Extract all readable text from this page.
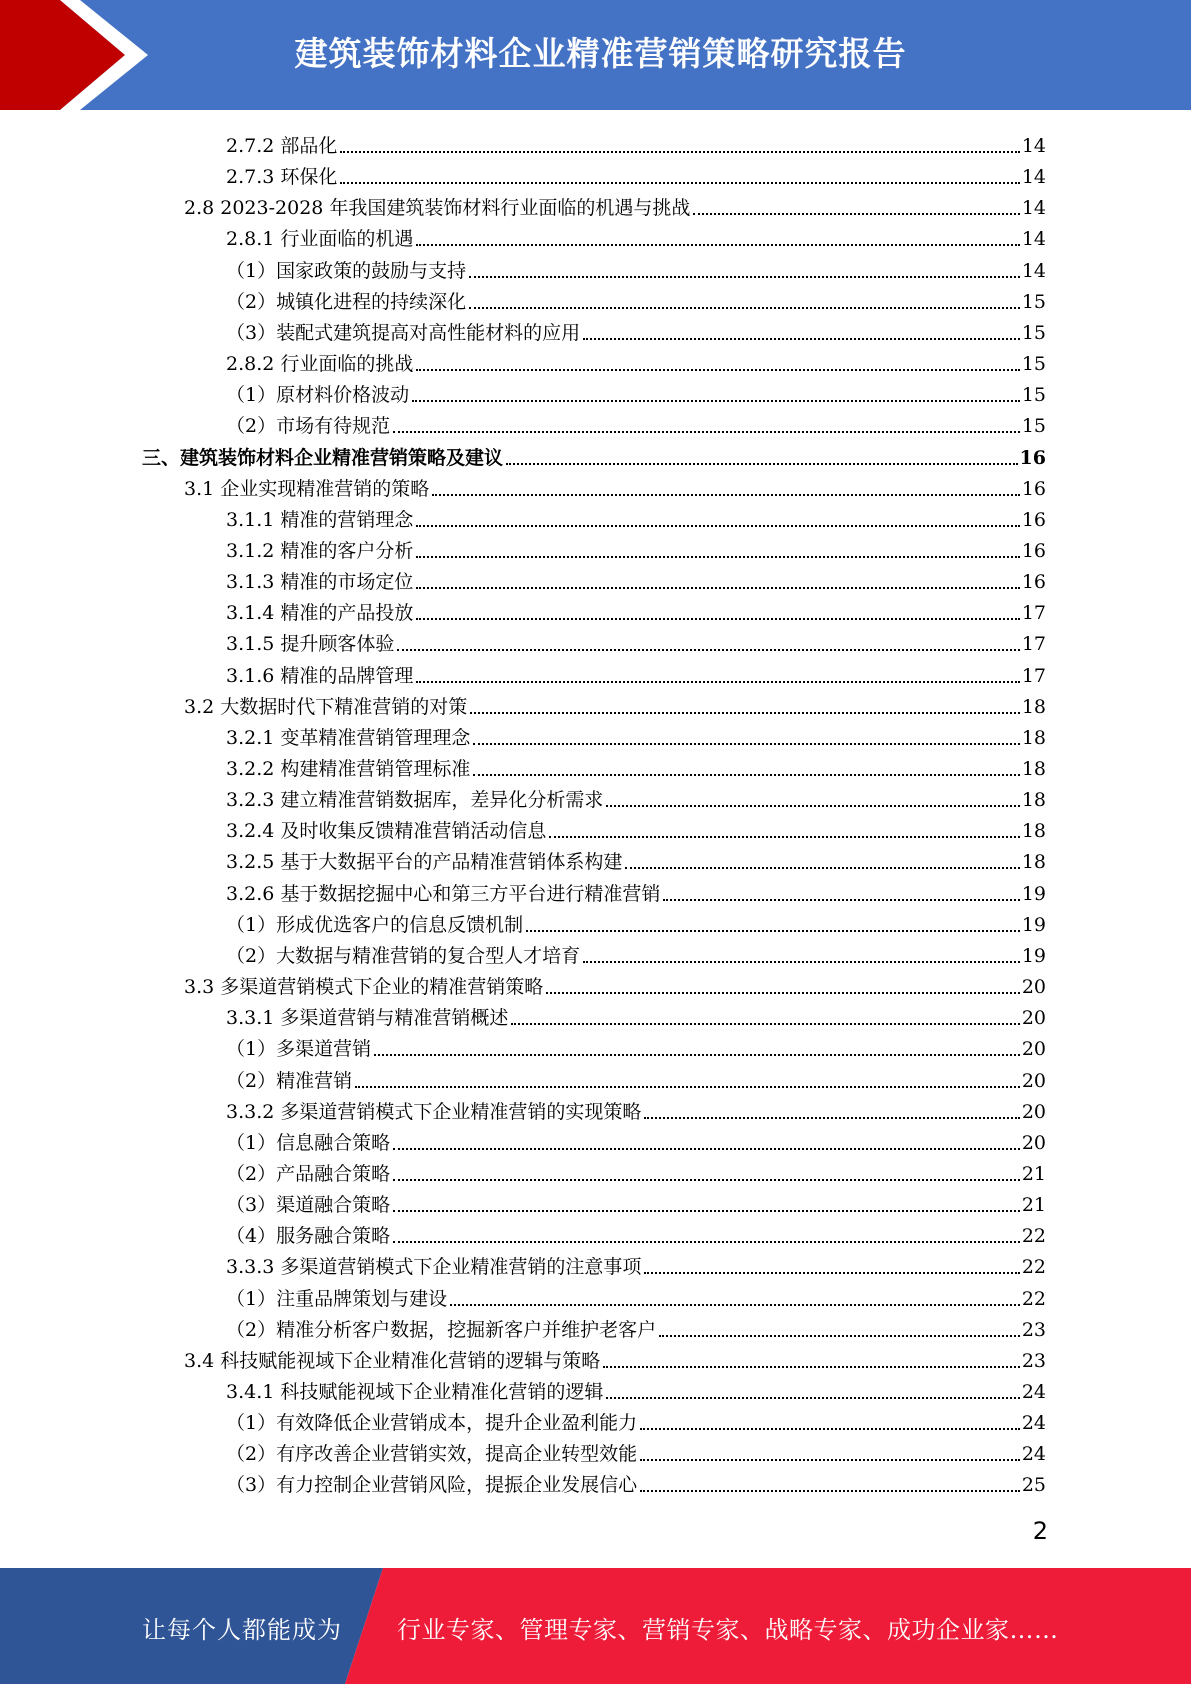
建筑装饰材料企业精准营销策略研究报告
2.7.2 部品化	14
2.7.3 环保化	14
2.8 2023-2028 年我国建筑装饰材料行业面临的机遇与挑战	14
2.8.1 行业面临的机遇	14
（1）国家政策的鼓励与支持	14
（2）城镇化进程的持续深化	15
（3）装配式建筑提高对高性能材料的应用	15
2.8.2 行业面临的挑战	15
（1）原材料价格波动	15
（2）市场有待规范	15
三、建筑装饰材料企业精准营销策略及建议	16
3.1 企业实现精准营销的策略	16
3.1.1 精准的营销理念	16
3.1.2 精准的客户分析	16
3.1.3 精准的市场定位	16
3.1.4 精准的产品投放	17
3.1.5 提升顾客体验	17
3.1.6 精准的品牌管理	17
3.2 大数据时代下精准营销的对策	18
3.2.1 变革精准营销管理理念	18
3.2.2 构建精准营销管理标准	18
3.2.3 建立精准营销数据库，差异化分析需求	18
3.2.4 及时收集反馈精准营销活动信息	18
3.2.5 基于大数据平台的产品精准营销体系构建	18
3.2.6 基于数据挖掘中心和第三方平台进行精准营销	19
（1）形成优选客户的信息反馈机制	19
（2）大数据与精准营销的复合型人才培育	19
3.3 多渠道营销模式下企业的精准营销策略	20
3.3.1 多渠道营销与精准营销概述	20
（1）多渠道营销	20
（2）精准营销	20
3.3.2 多渠道营销模式下企业精准营销的实现策略	20
（1）信息融合策略	20
（2）产品融合策略	21
（3）渠道融合策略	21
（4）服务融合策略	22
3.3.3 多渠道营销模式下企业精准营销的注意事项	22
（1）注重品牌策划与建设	22
（2）精准分析客户数据，挖掘新客户并维护老客户	23
3.4 科技赋能视域下企业精准化营销的逻辑与策略	23
3.4.1 科技赋能视域下企业精准化营销的逻辑	24
（1）有效降低企业营销成本，提升企业盈利能力	24
（2）有序改善企业营销实效，提高企业转型效能	24
（3）有力控制企业营销风险，提振企业发展信心	25
2
让每个人都能成为 行业专家、管理专家、营销专家、战略专家、成功企业家……
